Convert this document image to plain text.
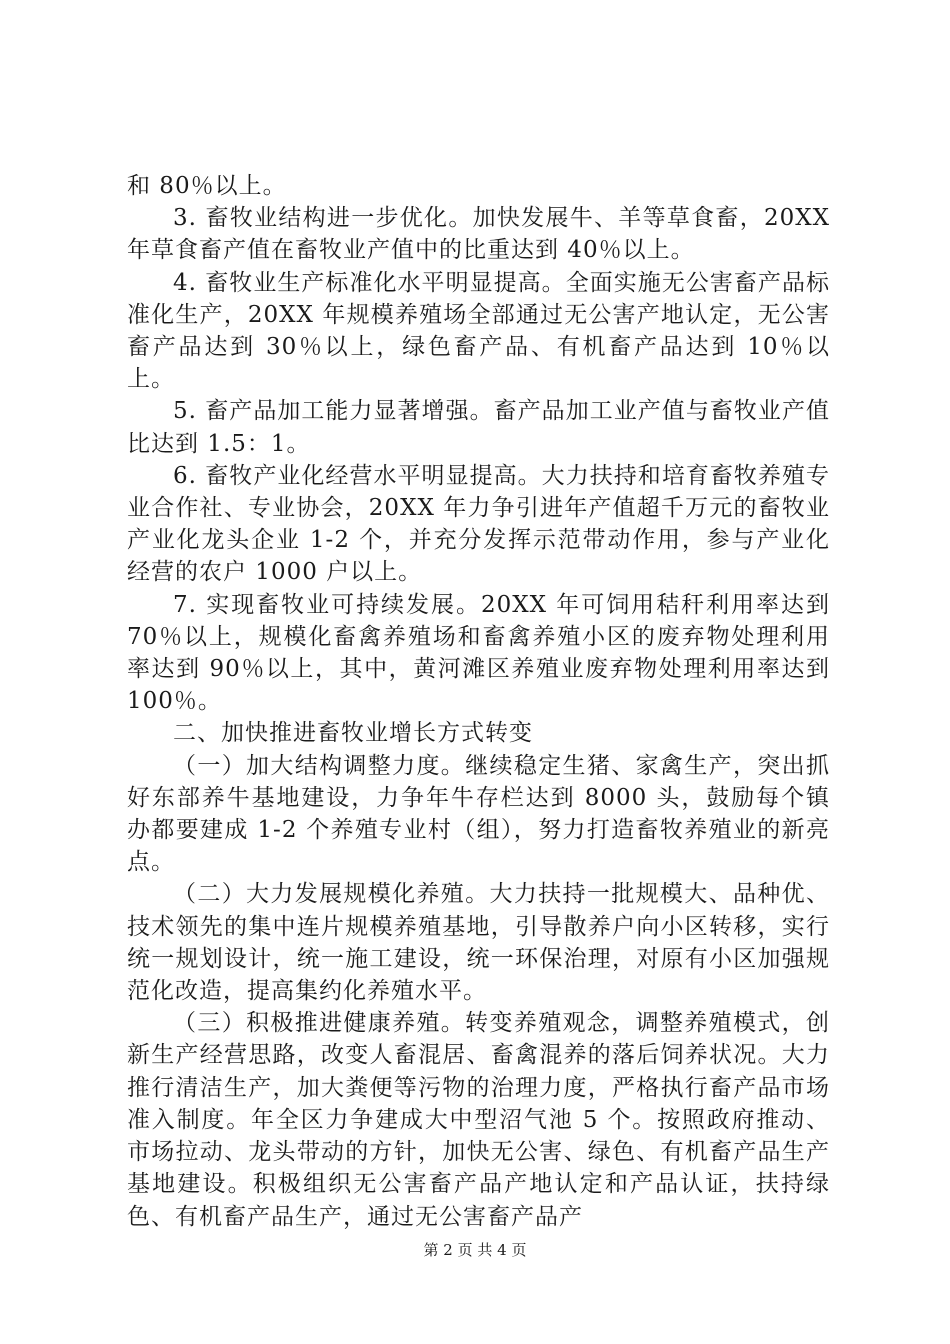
和 80％以上。

3. 畜牧业结构进一步优化。加快发展牛、羊等草食畜，20XX 年草食畜产值在畜牧业产值中的比重达到 40％以上。

4. 畜牧业生产标准化水平明显提高。全面实施无公害畜产品标准化生产，20XX 年规模养殖场全部通过无公害产地认定，无公害畜产品达到 30％以上，绿色畜产品、有机畜产品达到 10％以上。

5. 畜产品加工能力显著增强。畜产品加工业产值与畜牧业产值比达到 1.5：1。

6. 畜牧产业化经营水平明显提高。大力扶持和培育畜牧养殖专业合作社、专业协会，20XX 年力争引进年产值超千万元的畜牧业产业化龙头企业 1-2 个，并充分发挥示范带动作用，参与产业化经营的农户 1000 户以上。

7. 实现畜牧业可持续发展。20XX 年可饲用秸秆利用率达到 70％以上，规模化畜禽养殖场和畜禽养殖小区的废弃物处理利用率达到 90％以上，其中，黄河滩区养殖业废弃物处理利用率达到 100％。

二、加快推进畜牧业增长方式转变

（一）加大结构调整力度。继续稳定生猪、家禽生产，突出抓好东部养牛基地建设，力争年牛存栏达到 8000 头，鼓励每个镇办都要建成 1-2 个养殖专业村（组），努力打造畜牧养殖业的新亮点。

（二）大力发展规模化养殖。大力扶持一批规模大、品种优、技术领先的集中连片规模养殖基地，引导散养户向小区转移，实行统一规划设计，统一施工建设，统一环保治理，对原有小区加强规范化改造，提高集约化养殖水平。

（三）积极推进健康养殖。转变养殖观念，调整养殖模式，创新生产经营思路，改变人畜混居、畜禽混养的落后饲养状况。大力推行清洁生产，加大粪便等污物的治理力度，严格执行畜产品市场准入制度。年全区力争建成大中型沼气池 5 个。按照政府推动、市场拉动、龙头带动的方针，加快无公害、绿色、有机畜产品生产基地建设。积极组织无公害畜产品产地认定和产品认证，扶持绿色、有机畜产品生产，通过无公害畜产品产

第 2 页 共 4 页
